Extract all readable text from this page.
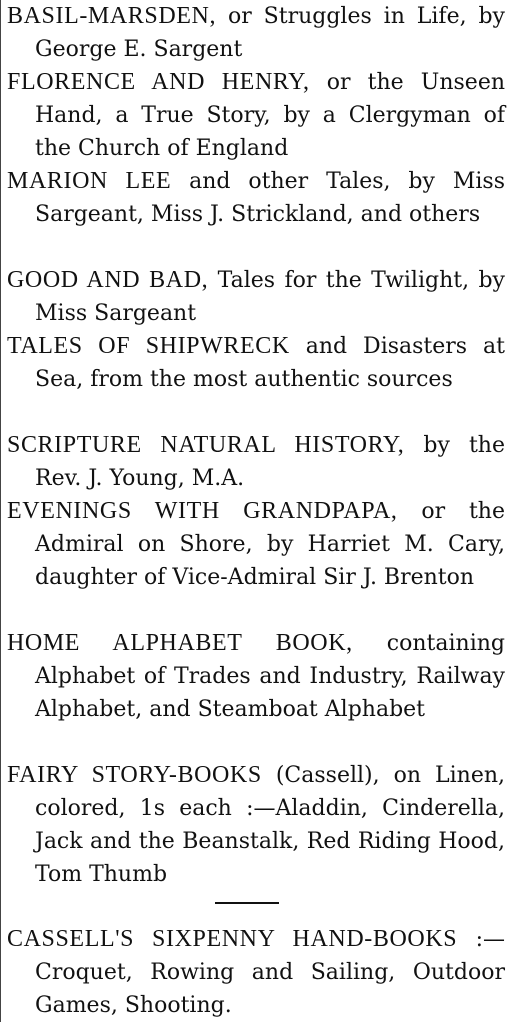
BASIL-MARSDEN, or Struggles in Life, by George E. Sargent
FLORENCE AND HENRY, or the Unseen Hand, a True Story, by a Clergyman of the Church of England
MARION LEE and other Tales, by Miss Sargeant, Miss J. Strickland, and others
GOOD AND BAD, Tales for the Twilight, by Miss Sargeant
TALES OF SHIPWRECK and Disasters at Sea, from the most authentic sources
SCRIPTURE NATURAL HISTORY, by the Rev. J. Young, M.A.
EVENINGS WITH GRANDPAPA, or the Admiral on Shore, by Harriet M. Cary, daughter of Vice-Admiral Sir J. Brenton
HOME ALPHABET BOOK, containing Alphabet of Trades and Industry, Railway Alphabet, and Steamboat Alphabet
FAIRY STORY-BOOKS (Cassell), on Linen, colored, 1s each :—Aladdin, Cinderella, Jack and the Beanstalk, Red Riding Hood, Tom Thumb
CASSELL'S SIXPENNY HAND-BOOKS :—Croquet, Rowing and Sailing, Outdoor Games, Shooting.
